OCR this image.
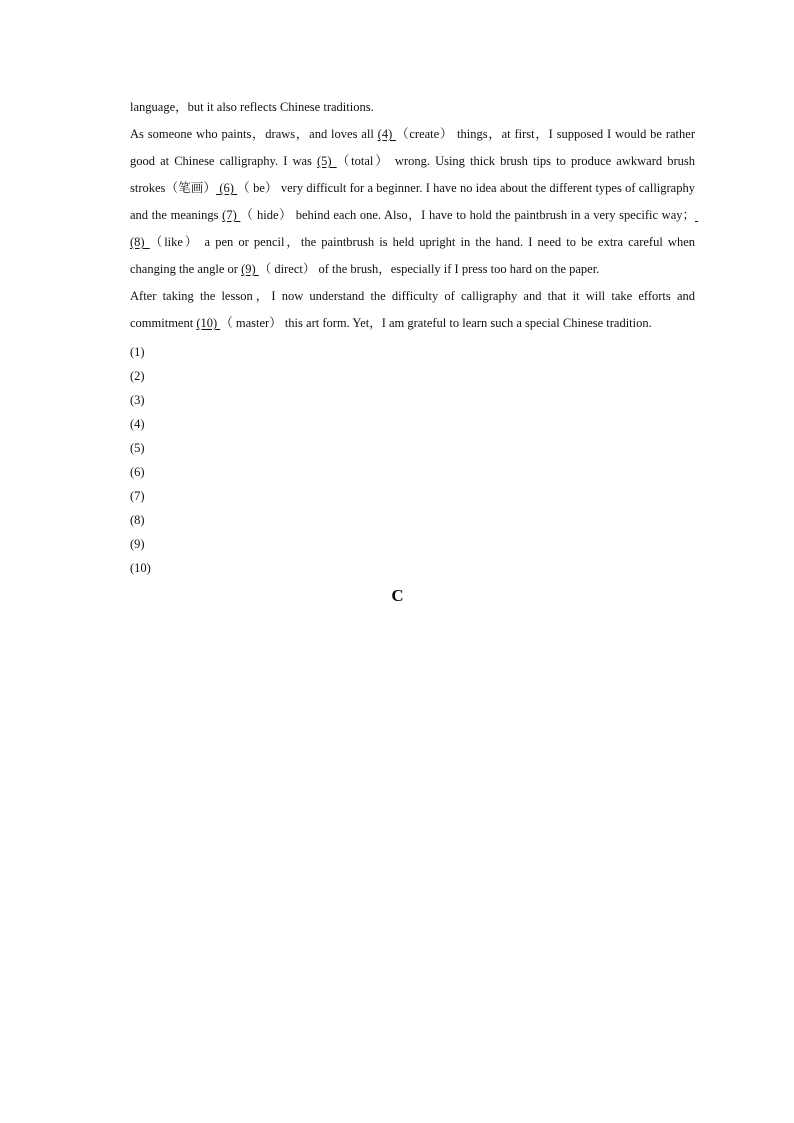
language，but it also reflects Chinese traditions.

As someone who paints，draws，and loves all (4) （create） things，at first，I supposed I would be rather good at Chinese calligraphy. I was (5) （total） wrong. Using thick brush tips to produce awkward brush strokes（笔画） (6) （ be） very difficult for a beginner. I have no idea about the different types of calligraphy and the meanings (7) （ hide） behind each one. Also，I have to hold the paintbrush in a very specific way； (8) （like） a pen or pencil，the paintbrush is held upright in the hand. I need to be extra careful when changing the angle or (9) （ direct） of the brush，especially if I press too hard on the paper.

After taking the lesson，I now understand the difficulty of calligraphy and that it will take efforts and commitment (10) （ master） this art form. Yet，I am grateful to learn such a special Chinese tradition.

(1)
(2)
(3)
(4)
(5)
(6)
(7)
(8)
(9)
(10)
C
